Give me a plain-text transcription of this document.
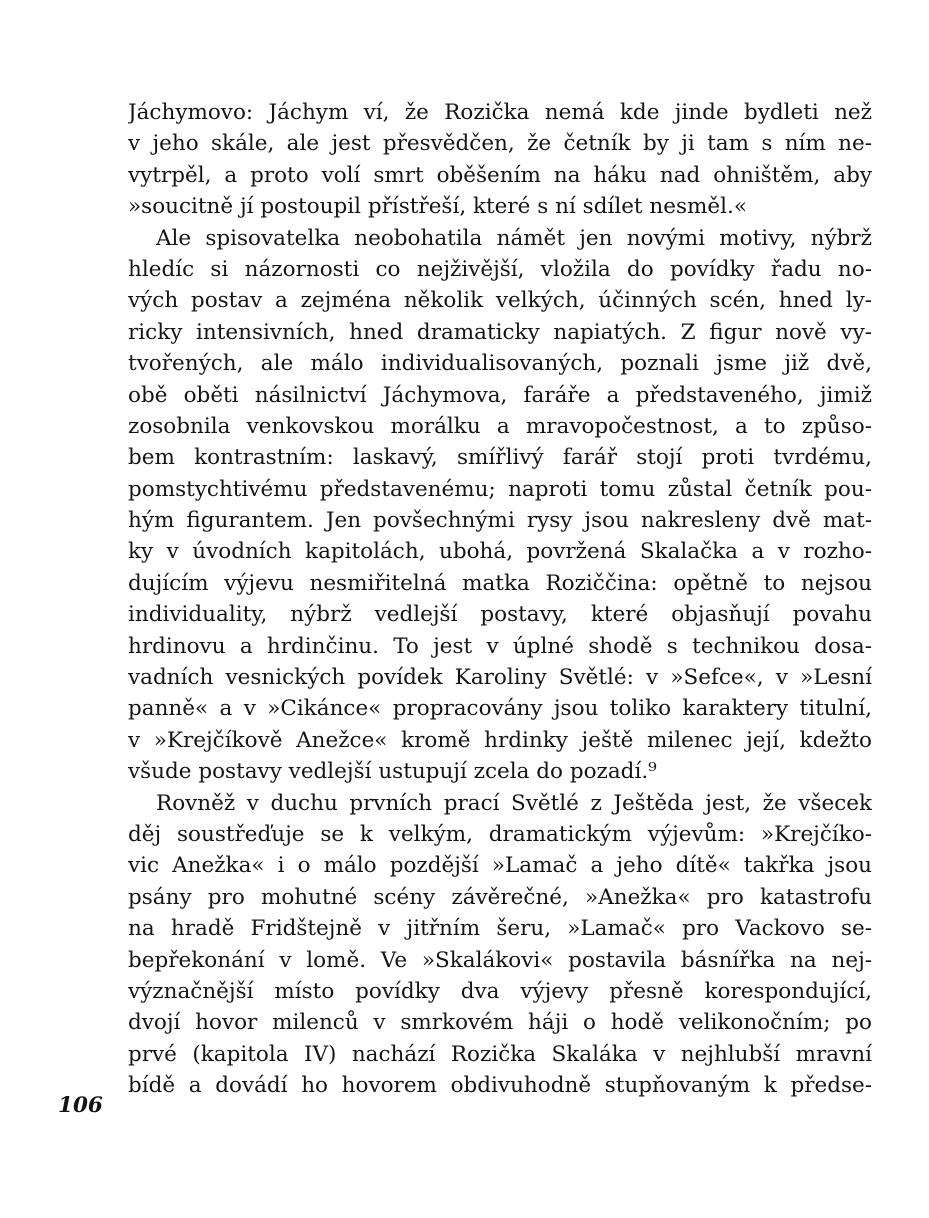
Jáchymovo: Jáchym ví, že Rozička nemá kde jinde bydleti než
v jeho skále, ale jest přesvědčen, že četník by ji tam s ním ne-
vytrpěl, a proto volí smrt oběšením na háku nad ohništěm, aby
»soucitně jí postoupil přístřeší, které s ní sdílet nesměl.«
Ale spisovatelka neobohatila námět jen novými motivy, nýbrž
hledíc si názornosti co nejživější, vložila do povídky řadu no-
vých postav a zejména několik velkých, účinných scén, hned ly-
ricky intensivních, hned dramaticky napiatých. Z figur nově vy-
tvořených, ale málo individualisovaných, poznali jsme již dvě,
obě oběti násilnictví Jáchymova, faráře a představeného, jimiž
zosobnila venkovskou morálku a mravopočestnost, a to způso-
bem kontrastním: laskavý, smířlivý farář stojí proti tvrdému,
pomstychtivému představenému; naproti tomu zůstal četník pou-
hým figurantem. Jen povšechnými rysy jsou nakresleny dvě mat-
ky v úvodních kapitolách, ubohá, povržená Skalačka a v rozho-
dujícím výjevu nesmiřitelná matka Roziččina: opětně to nejsou
individuality, nýbrž vedlejší postavy, které objasňují povahu
hrdinovu a hrdinčinu. To jest v úplné shodě s technikou dosa-
vadních vesnických povídek Karoliny Světlé: v »Sefce«, v »Lesní
panně« a v »Cikánce« propracovány jsou toliko karaktery titulní,
v »Krejčíkově Anežce« kromě hrdinky ještě milenec její, kdežto
všude postavy vedlejší ustupují zcela do pozadí.⁹
Rovněž v duchu prvních prací Světlé z Ještěda jest, že všecek
děj soustřeďuje se k velkým, dramatickým výjevům: »Krejčíko-
vic Anežka« i o málo pozdější »Lamač a jeho dítě« takřka jsou
psány pro mohutné scény závěrečné, »Anežka« pro katastrofu
na hradě Fridštejně v jitřním šeru, »Lamač« pro Vackovo se-
bepřekonání v lomě. Ve »Skalákovi« postavila básnířka na nej-
význačnější místo povídky dva výjevy přesně korespondující,
dvojí hovor milenců v smrkovém háji o hodě velikonočním; po
prvé (kapitola IV) nachází Rozička Skaláka v nejhlubší mravní
bídě a dovádí ho hovorem obdivuhodně stupňovaným k předse-
106
